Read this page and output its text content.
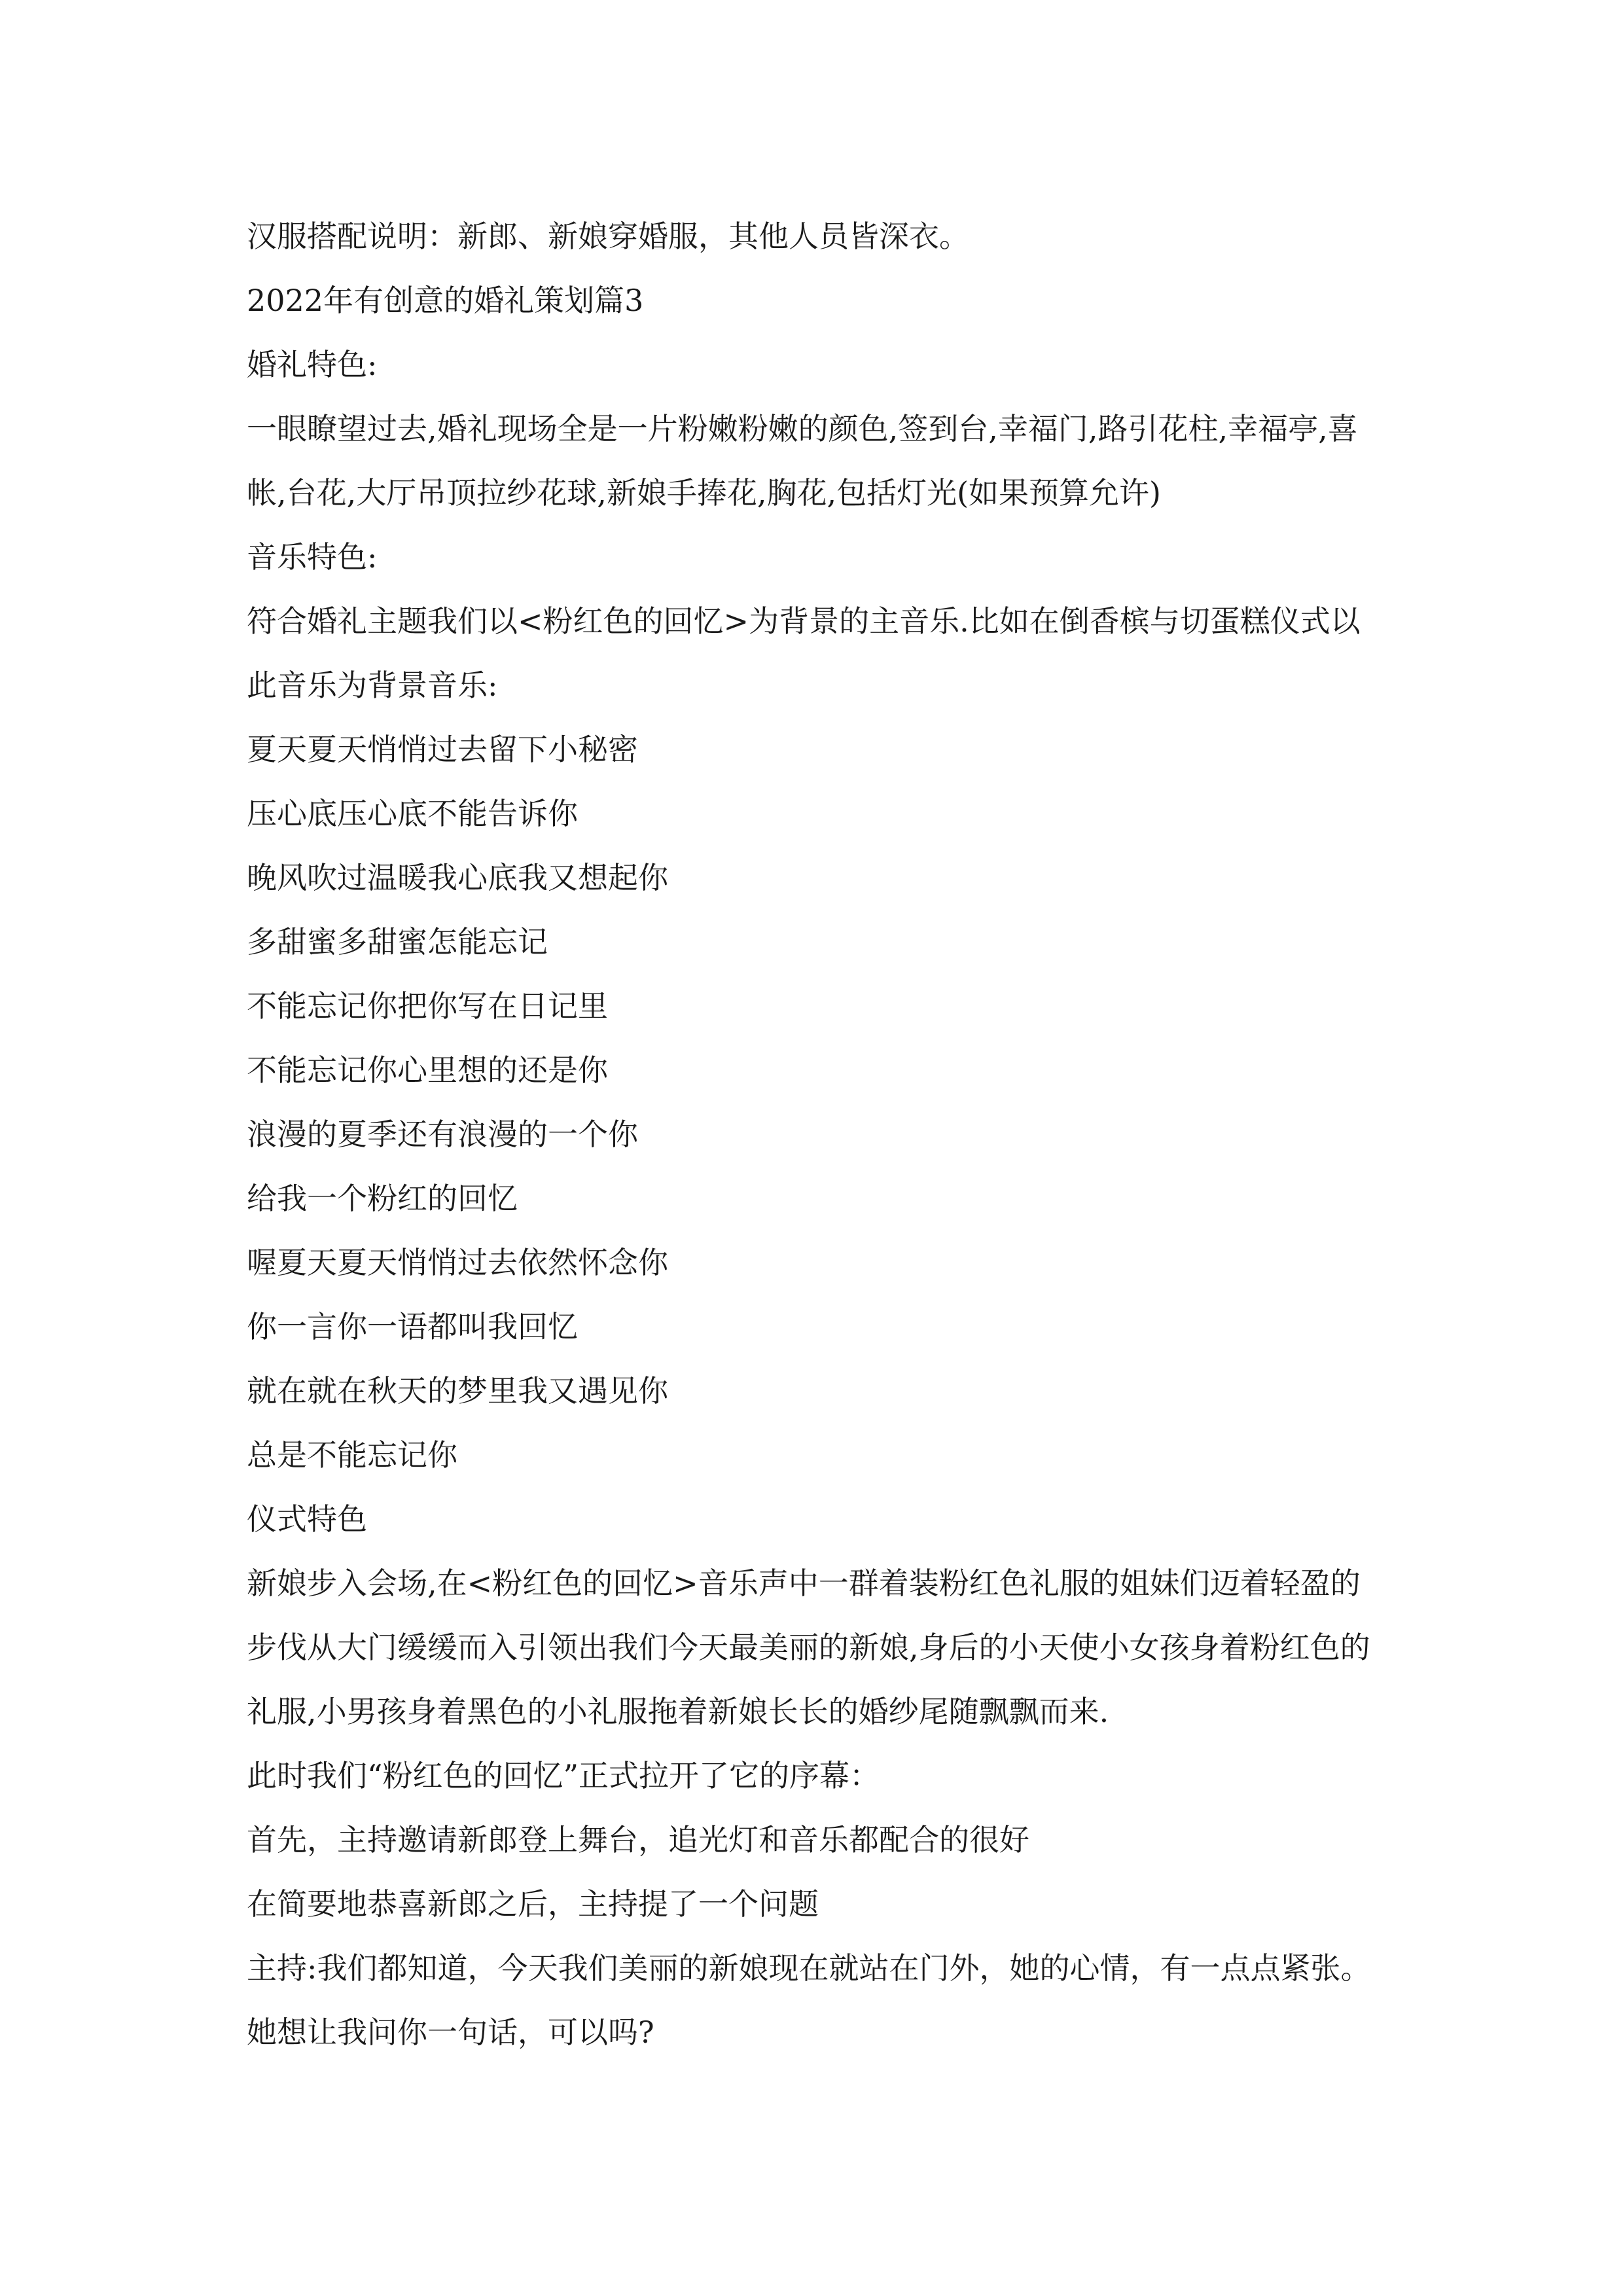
汉服搭配说明：新郎、新娘穿婚服，其他人员皆深衣。

2022年有创意的婚礼策划篇3

婚礼特色:

一眼瞭望过去,婚礼现场全是一片粉嫩粉嫩的颜色,签到台,幸福门,路引花柱,幸福亭,喜帐,台花,大厅吊顶拉纱花球,新娘手捧花,胸花,包括灯光(如果预算允许)

音乐特色:

符合婚礼主题我们以<粉红色的回忆>为背景的主音乐.比如在倒香槟与切蛋糕仪式以此音乐为背景音乐:

夏天夏天悄悄过去留下小秘密

压心底压心底不能告诉你

晚风吹过温暖我心底我又想起你

多甜蜜多甜蜜怎能忘记

不能忘记你把你写在日记里

不能忘记你心里想的还是你

浪漫的夏季还有浪漫的一个你

给我一个粉红的回忆

喔夏天夏天悄悄过去依然怀念你

你一言你一语都叫我回忆

就在就在秋天的梦里我又遇见你

总是不能忘记你

仪式特色

新娘步入会场,在<粉红色的回忆>音乐声中一群着装粉红色礼服的姐妹们迈着轻盈的步伐从大门缓缓而入引领出我们今天最美丽的新娘,身后的小天使小女孩身着粉红色的礼服,小男孩身着黑色的小礼服拖着新娘长长的婚纱尾随飘飘而来.

此时我们“粉红色的回忆”正式拉开了它的序幕：

首先，主持邀请新郎登上舞台，追光灯和音乐都配合的很好

在简要地恭喜新郎之后，主持提了一个问题

主持:我们都知道，今天我们美丽的新娘现在就站在门外，她的心情，有一点点紧张。她想让我问你一句话，可以吗?
